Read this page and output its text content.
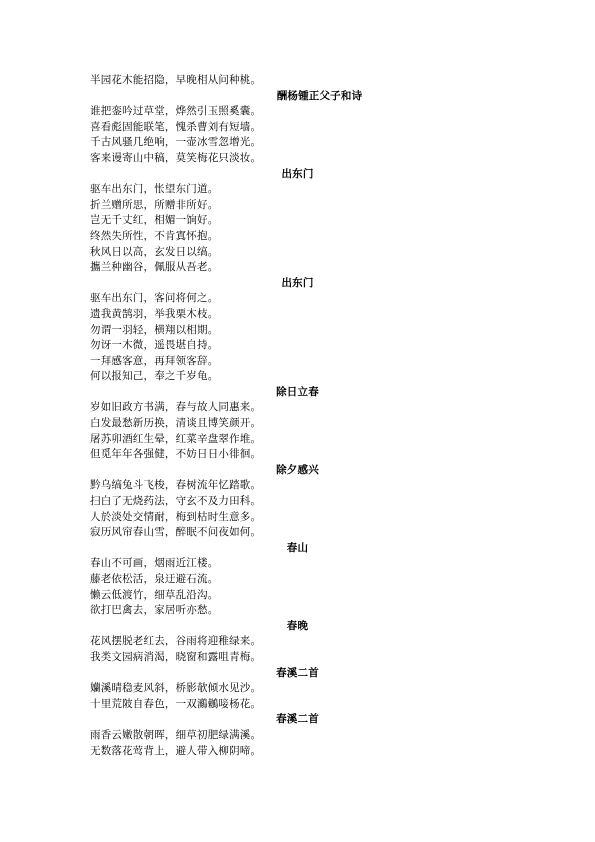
半园花木能招隐，早晚相从问种桃。
酬杨锺正父子和诗
谁把銮吟过草堂，烨然引玉照奚囊。
喜看彪固能联笔，愧杀曹刘有短墙。
千古风骚几绝响，一壶冰雪忽增光。
客来谩寄山中稿，莫笑梅花只淡妆。
出东门
驱车出东门，怅望东门道。
折兰赠所思，所赠非所好。
岂无千丈红，相媚一饷好。
终然失所性，不肯寘怀抱。
秋风日以高，玄发日以缟。
攜兰种幽谷，佩服从吾老。
出东门
驱车出东门，客问将何之。
遗我黄鹄羽，举我栗木枝。
勿谓一羽轻，横翔以相期。
勿讶一木微，遥畏堪自持。
一拜感客意，再拜领客辞。
何以报知己，奉之千岁龟。
除日立春
岁如旧政方书满，春与故人同惠来。
白发最愁新历换，清谈且博笑颜开。
屠苏卯酒红生晕，红菜辛盘翠作堆。
但觅年年各强健，不妨日日小徘徊。
除夕感兴
黔乌缟兔斗飞梭，春树流年忆踏歌。
扫白了无烧药法，守玄不及力田科。
人於淡处交情耐，梅到枯时生意多。
寂历风帘春山雪，醉眠不问夜如何。
春山
春山不可画，烟雨近江楼。
藤老依松活，泉迂避石流。
懒云低渡竹，细草乱沿沟。
欲打巴禽去，家居听亦愁。
春晚
花风摆脱老红去，谷雨将迎稚绿来。
我类文园病消渴，晓窗和露咀青梅。
春溪二首
孏溪晴稳麦风斜，桥影欹倾水见沙。
十里荒陂自春色，一双鸂鶒唼杨花。
春溪二首
雨香云嫩散朝晖，细草初肥绿满溪。
无数落花莺背上，避人带入柳阴啼。
